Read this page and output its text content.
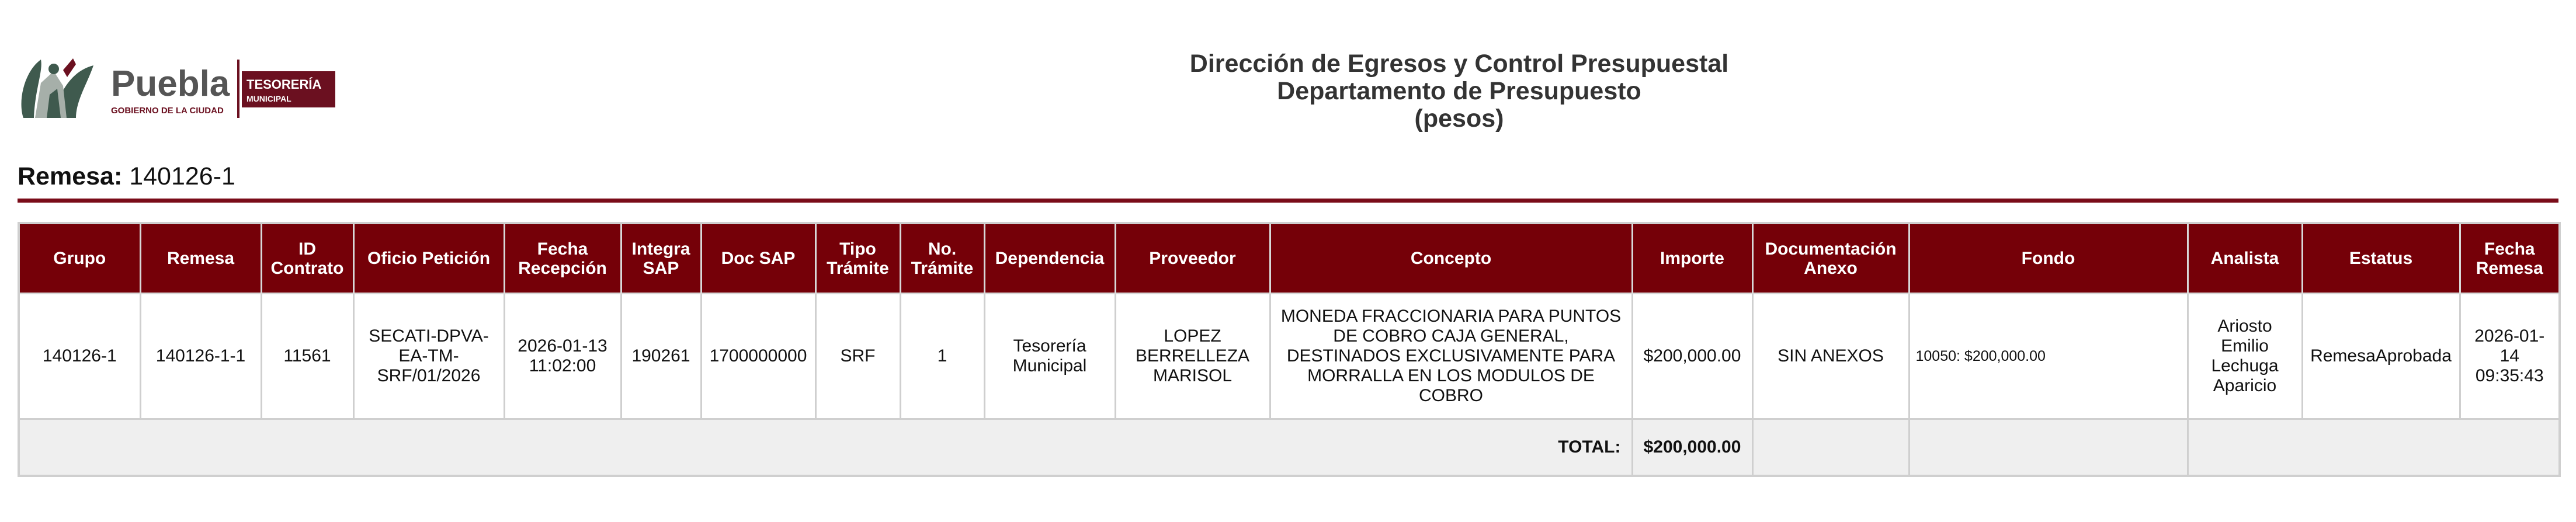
Puebla
GOBIERNO DE LA CIUDAD
TESORERÍA
MUNICIPAL
Dirección de Egresos y Control Presupuestal
Departamento de Presupuesto
(pesos)
Remesa: 140126-1
Grupo	Remesa	ID Contrato	Oficio Petición	Fecha Recepción	Integra SAP	Doc SAP	Tipo Trámite	No. Trámite	Dependencia	Proveedor	Concepto	Importe	Documentación Anexo	Fondo	Analista	Estatus	Fecha Remesa
140126-1	140126-1-1	11561	SECATI-DPVA-EA-TM-SRF/01/2026	2026-01-13 11:02:00	190261	1700000000	SRF	1	Tesorería Municipal	LOPEZ BERRELLEZA MARISOL	MONEDA FRACCIONARIA PARA PUNTOS DE COBRO CAJA GENERAL, DESTINADOS EXCLUSIVAMENTE PARA MORRALLA EN LOS MODULOS DE COBRO	$200,000.00	SIN ANEXOS	10050: $200,000.00	Ariosto Emilio Lechuga Aparicio	RemesaAprobada	2026-01-14 09:35:43
TOTAL:												$200,000.00					
